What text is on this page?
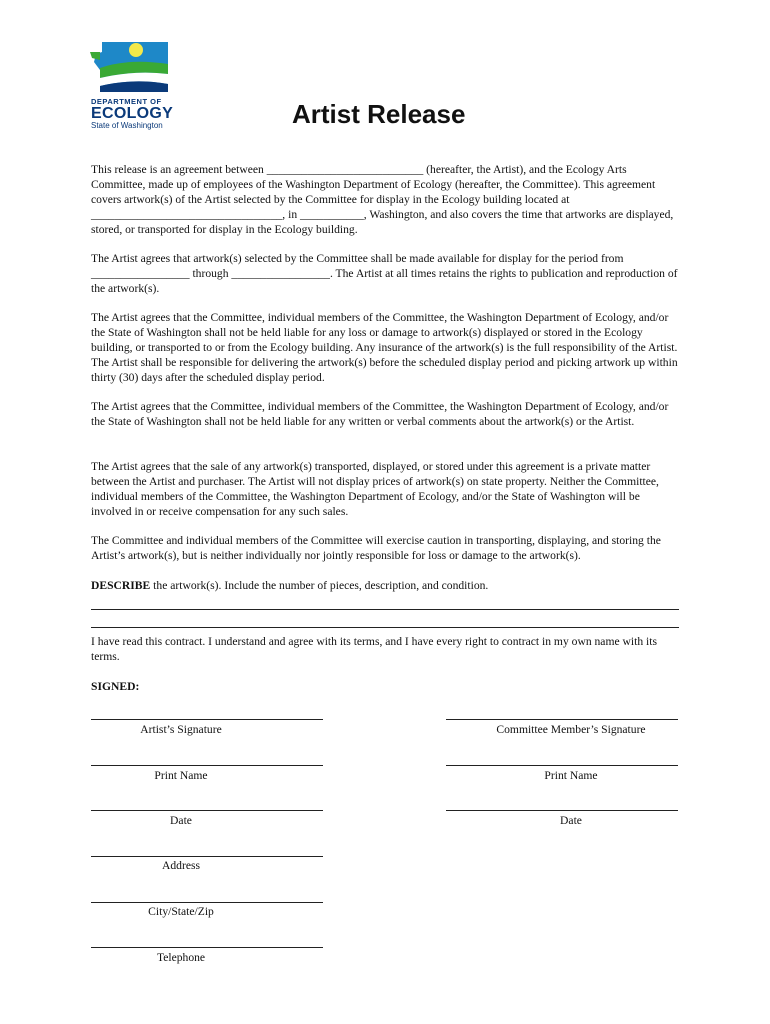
DEPARTMENT OF
ECOLOGY
State of Washington	Artist Release

This release is an agreement between ___________________________ (hereafter, the Artist), and the Ecology Arts Committee, made up of employees of the Washington Department of Ecology (hereafter, the Committee). This agreement covers artwork(s) of the Artist selected by the Committee for display in the Ecology building located at _________________________________, in ___________, Washington, and also covers the time that artworks are displayed, stored, or transported for display in the Ecology building.

The Artist agrees that artwork(s) selected by the Committee shall be made available for display for the period from _________________ through _________________. The Artist at all times retains the rights to publication and reproduction of the artwork(s).

The Artist agrees that the Committee, individual members of the Committee, the Washington Department of Ecology, and/or the State of Washington shall not be held liable for any loss or damage to artwork(s) displayed or stored in the Ecology building, or transported to or from the Ecology building. Any insurance of the artwork(s) is the full responsibility of the Artist. The Artist shall be responsible for delivering the artwork(s) before the scheduled display period and picking artwork up within thirty (30) days after the scheduled display period.

The Artist agrees that the Committee, individual members of the Committee, the Washington Department of Ecology, and/or the State of Washington shall not be held liable for any written or verbal comments about the artwork(s) or the Artist.

The Artist agrees that the sale of any artwork(s) transported, displayed, or stored under this agreement is a private matter between the Artist and purchaser. The Artist will not display prices of artwork(s) on state property. Neither the Committee, individual members of the Committee, the Washington Department of Ecology, and/or the State of Washington will be involved in or receive compensation for any such sales.

The Committee and individual members of the Committee will exercise caution in transporting, displaying, and storing the Artist’s artwork(s), but is neither individually nor jointly responsible for loss or damage to the artwork(s).

DESCRIBE the artwork(s). Include the number of pieces, description, and condition.

I have read this contract. I understand and agree with its terms, and I have every right to contract in my own name with its terms.

SIGNED:

Artist’s Signature
Print Name
Date
Address
City/State/Zip
Telephone
Committee Member’s Signature
Print Name
Date
